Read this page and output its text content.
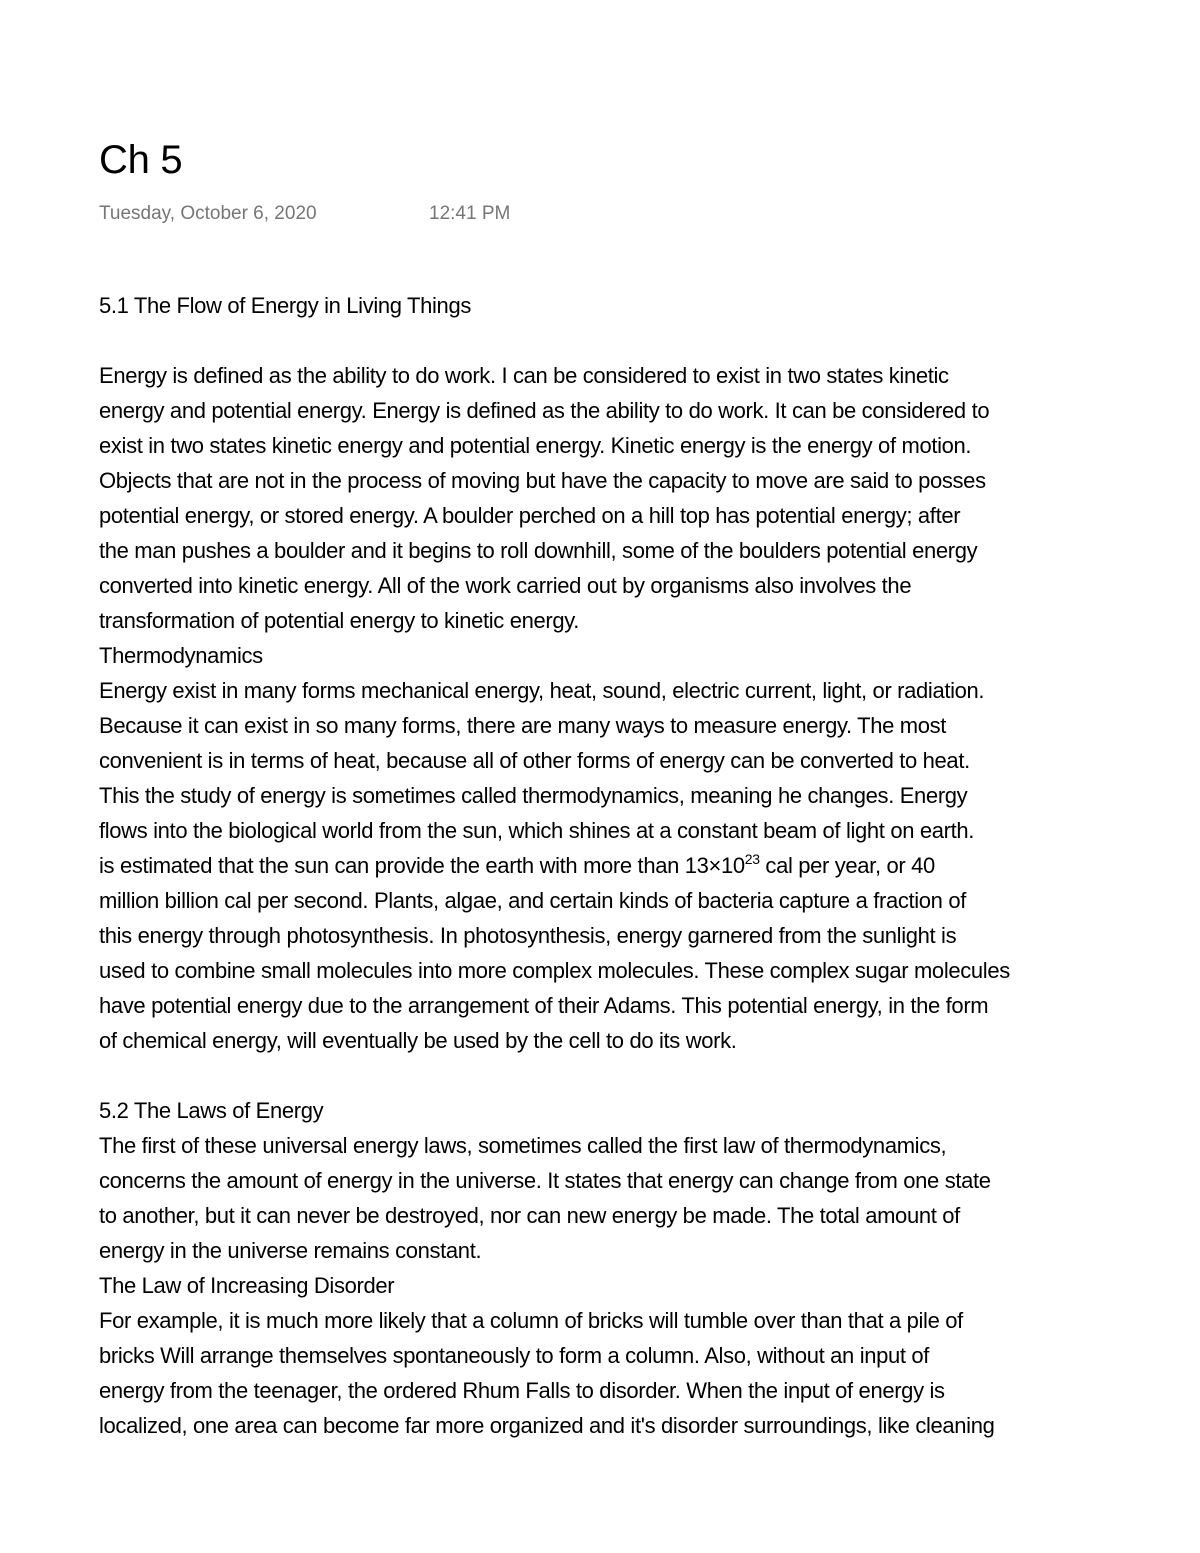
Ch 5
Tuesday, October 6, 2020	12:41 PM
5.1 The Flow of Energy in Living Things
Energy is defined as the ability to do work. I can be considered to exist in two states kinetic
energy and potential energy. Energy is defined as the ability to do work. It can be considered to
exist in two states kinetic energy and potential energy. Kinetic energy is the energy of motion.
Objects that are not in the process of moving but have the capacity to move are said to posses
potential energy, or stored energy. A boulder perched on a hill top has potential energy; after
the man pushes a boulder and it begins to roll downhill, some of the boulders potential energy
converted into kinetic energy. All of the work carried out by organisms also involves the
transformation of potential energy to kinetic energy.
Thermodynamics
Energy exist in many forms mechanical energy, heat, sound, electric current, light, or radiation.
Because it can exist in so many forms, there are many ways to measure energy. The most
convenient is in terms of heat, because all of other forms of energy can be converted to heat.
This the study of energy is sometimes called thermodynamics, meaning he changes. Energy
flows into the biological world from the sun, which shines at a constant beam of light on earth.
is estimated that the sun can provide the earth with more than $13\times 10^{23}$ cal per year, or 40
million billion cal per second. Plants, algae, and certain kinds of bacteria capture a fraction of
this energy through photosynthesis. In photosynthesis, energy garnered from the sunlight is
used to combine small molecules into more complex molecules. These complex sugar molecules
have potential energy due to the arrangement of their Adams. This potential energy, in the form
of chemical energy, will eventually be used by the cell to do its work.
5.2 The Laws of Energy
The first of these universal energy laws, sometimes called the first law of thermodynamics,
concerns the amount of energy in the universe. It states that energy can change from one state
to another, but it can never be destroyed, nor can new energy be made. The total amount of
energy in the universe remains constant.
The Law of Increasing Disorder
For example, it is much more likely that a column of bricks will tumble over than that a pile of
bricks Will arrange themselves spontaneously to form a column. Also, without an input of
energy from the teenager, the ordered Rhum Falls to disorder. When the input of energy is
localized, one area can become far more organized and it's disorder surroundings, like cleaning
